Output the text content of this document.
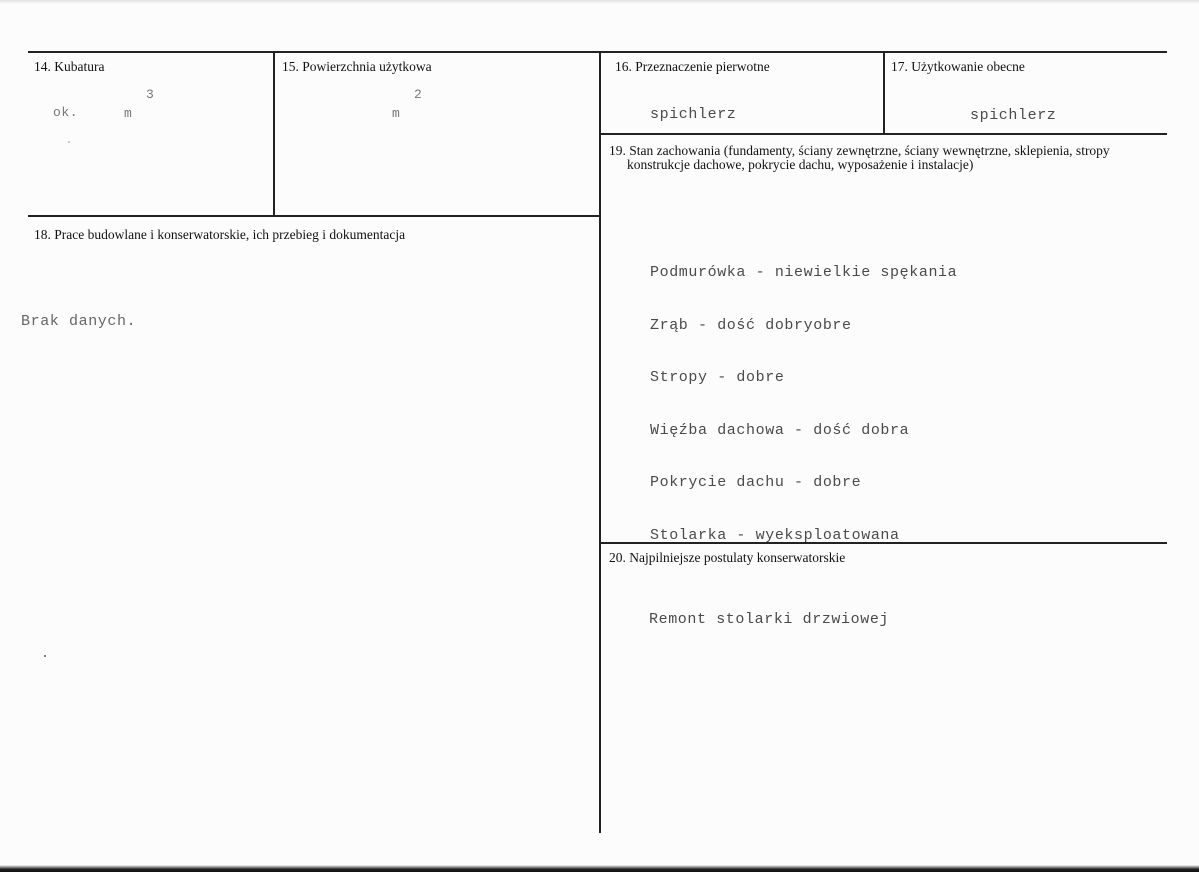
14. Kubatura
ok.	m
3
15. Powierzchnia użytkowa
m
2
16. Przeznaczenie pierwotne
spichlerz
17. Użytkowanie obecne
spichlerz
18. Prace budowlane i konserwatorskie, ich przebieg i dokumentacja
Brak danych.
19. Stan zachowania (fundamenty, ściany zewnętrzne, ściany wewnętrzne, sklepienia, stropy
konstrukcje dachowe, pokrycie dachu, wyposażenie i instalacje)

Podmurówka - niewielkie spękania

Zrąb - dość dobryobre

Stropy - dobre

Więźba dachowa - dość dobra

Pokrycie dachu - dobre

Stolarka - wyeksploatowana

20. Najpilniejsze postulaty konserwatorskie
Remont stolarki drzwiowej
